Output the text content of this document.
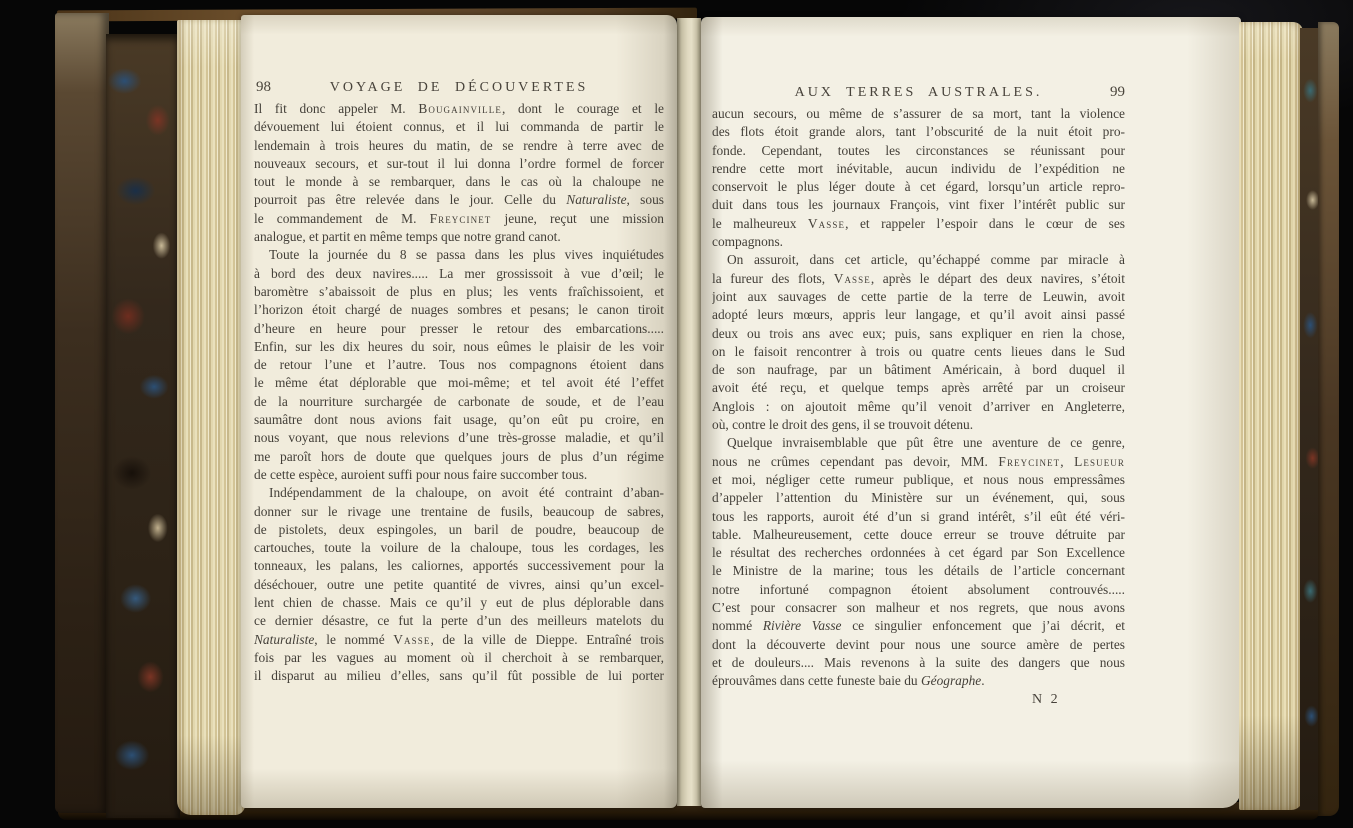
98	VOYAGE DE DÉCOUVERTES
Il fit donc appeler M. Bougainville, dont le courage et le
dévouement lui étoient connus, et il lui commanda de partir le
lendemain à trois heures du matin, de se rendre à terre avec de
nouveaux secours, et sur-tout il lui donna l’ordre formel de forcer
tout le monde à se rembarquer, dans le cas où la chaloupe ne
pourroit pas être relevée dans le jour. Celle du Naturaliste, sous
le commandement de M. Freycinet jeune, reçut une mission
analogue, et partit en même temps que notre grand canot.
Toute la journée du 8 se passa dans les plus vives inquiétudes
à bord des deux navires..... La mer grossissoit à vue d’œil; le
baromètre s’abaissoit de plus en plus; les vents fraîchissoient, et
l’horizon étoit chargé de nuages sombres et pesans; le canon tiroit
d’heure en heure pour presser le retour des embarcations.....
Enfin, sur les dix heures du soir, nous eûmes le plaisir de les voir
de retour l’une et l’autre. Tous nos compagnons étoient dans
le même état déplorable que moi-même; et tel avoit été l’effet
de la nourriture surchargée de carbonate de soude, et de l’eau
saumâtre dont nous avions fait usage, qu’on eût pu croire, en
nous voyant, que nous relevions d’une très-grosse maladie, et qu’il
me paroît hors de doute que quelques jours de plus d’un régime
de cette espèce, auroient suffi pour nous faire succomber tous.
Indépendamment de la chaloupe, on avoit été contraint d’aban-
donner sur le rivage une trentaine de fusils, beaucoup de sabres,
de pistolets, deux espingoles, un baril de poudre, beaucoup de
cartouches, toute la voilure de la chaloupe, tous les cordages, les
tonneaux, les palans, les caliornes, apportés successivement pour la
déséchouer, outre une petite quantité de vivres, ainsi qu’un excel-
lent chien de chasse. Mais ce qu’il y eut de plus déplorable dans
ce dernier désastre, ce fut la perte d’un des meilleurs matelots du
Naturaliste, le nommé Vasse, de la ville de Dieppe. Entraîné trois
fois par les vagues au moment où il cherchoit à se rembarquer,
il disparut au milieu d’elles, sans qu’il fût possible de lui porter
AUX TERRES AUSTRALES.	99
aucun secours, ou même de s’assurer de sa mort, tant la violence
des flots étoit grande alors, tant l’obscurité de la nuit étoit pro-
fonde. Cependant, toutes les circonstances se réunissant pour
rendre cette mort inévitable, aucun individu de l’expédition ne
conservoit le plus léger doute à cet égard, lorsqu’un article repro-
duit dans tous les journaux François, vint fixer l’intérêt public sur
le malheureux Vasse, et rappeler l’espoir dans le cœur de ses
compagnons.
On assuroit, dans cet article, qu’échappé comme par miracle à
la fureur des flots, Vasse, après le départ des deux navires, s’étoit
joint aux sauvages de cette partie de la terre de Leuwin, avoit
adopté leurs mœurs, appris leur langage, et qu’il avoit ainsi passé
deux ou trois ans avec eux; puis, sans expliquer en rien la chose,
on le faisoit rencontrer à trois ou quatre cents lieues dans le Sud
de son naufrage, par un bâtiment Américain, à bord duquel il
avoit été reçu, et quelque temps après arrêté par un croiseur
Anglois : on ajoutoit même qu’il venoit d’arriver en Angleterre,
où, contre le droit des gens, il se trouvoit détenu.
Quelque invraisemblable que pût être une aventure de ce genre,
nous ne crûmes cependant pas devoir, MM. Freycinet, Lesueur
et moi, négliger cette rumeur publique, et nous nous empressâmes
d’appeler l’attention du Ministère sur un événement, qui, sous
tous les rapports, auroit été d’un si grand intérêt, s’il eût été véri-
table. Malheureusement, cette douce erreur se trouve détruite par
le résultat des recherches ordonnées à cet égard par Son Excellence
le Ministre de la marine; tous les détails de l’article concernant
notre infortuné compagnon étoient absolument controuvés.....
C’est pour consacrer son malheur et nos regrets, que nous avons
nommé Rivière Vasse ce singulier enfoncement que j’ai décrit, et
dont la découverte devint pour nous une source amère de pertes
et de douleurs.... Mais revenons à la suite des dangers que nous
éprouvâmes dans cette funeste baie du Géographe.
N 2
